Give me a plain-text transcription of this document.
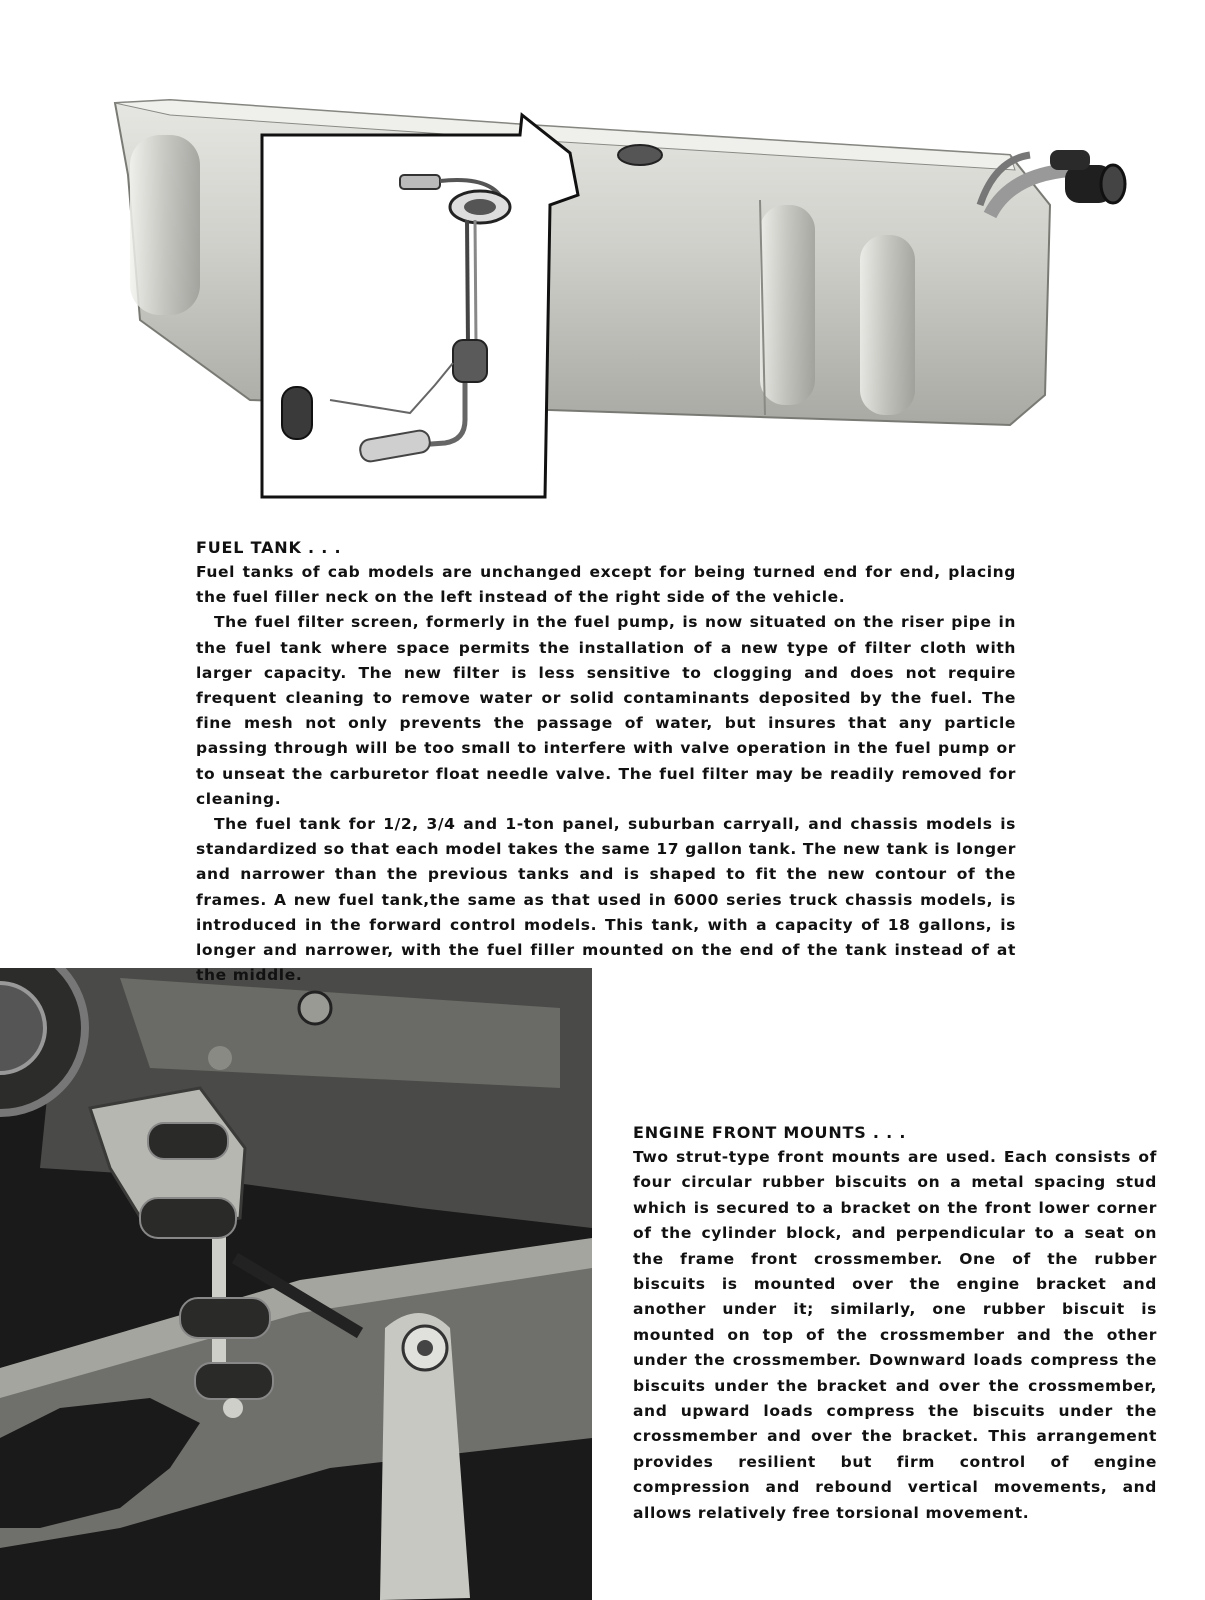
FUEL TANK . . .

Fuel tanks of cab models are unchanged except for being turned end for end, placing the fuel filler neck on the left instead of the right side of the vehicle.

The fuel filter screen, formerly in the fuel pump, is now situated on the riser pipe in the fuel tank where space permits the installation of a new type of filter cloth with larger capacity. The new filter is less sensitive to clogging and does not require frequent cleaning to remove water or solid contaminants deposited by the fuel. The fine mesh not only prevents the passage of water, but insures that any particle passing through will be too small to interfere with valve operation in the fuel pump or to unseat the carburetor float needle valve. The fuel filter may be readily removed for cleaning.

The fuel tank for 1/2, 3/4 and 1-ton panel, suburban carryall, and chassis models is standardized so that each model takes the same 17 gallon tank. The new tank is longer and narrower than the previous tanks and is shaped to fit the new contour of the frames. A new fuel tank,the same as that used in 6000 series truck chassis models, is introduced in the forward control models. This tank, with a capacity of 18 gallons, is longer and narrower, with the fuel filler mounted on the end of the tank instead of at the middle.

ENGINE FRONT MOUNTS . . .

Two strut-type front mounts are used. Each consists of four circular rubber biscuits on a metal spacing stud which is secured to a bracket on the front lower corner of the cylinder block, and perpendicular to a seat on the frame front crossmember. One of the rubber biscuits is mounted over the engine bracket and another under it; similarly, one rubber biscuit is mounted on top of the crossmember and the other under the crossmember. Downward loads compress the biscuits under the bracket and over the crossmember, and upward loads compress the biscuits under the crossmember and over the bracket. This arrangement provides resilient but firm control of engine compression and rebound vertical movements, and allows relatively free torsional movement.
